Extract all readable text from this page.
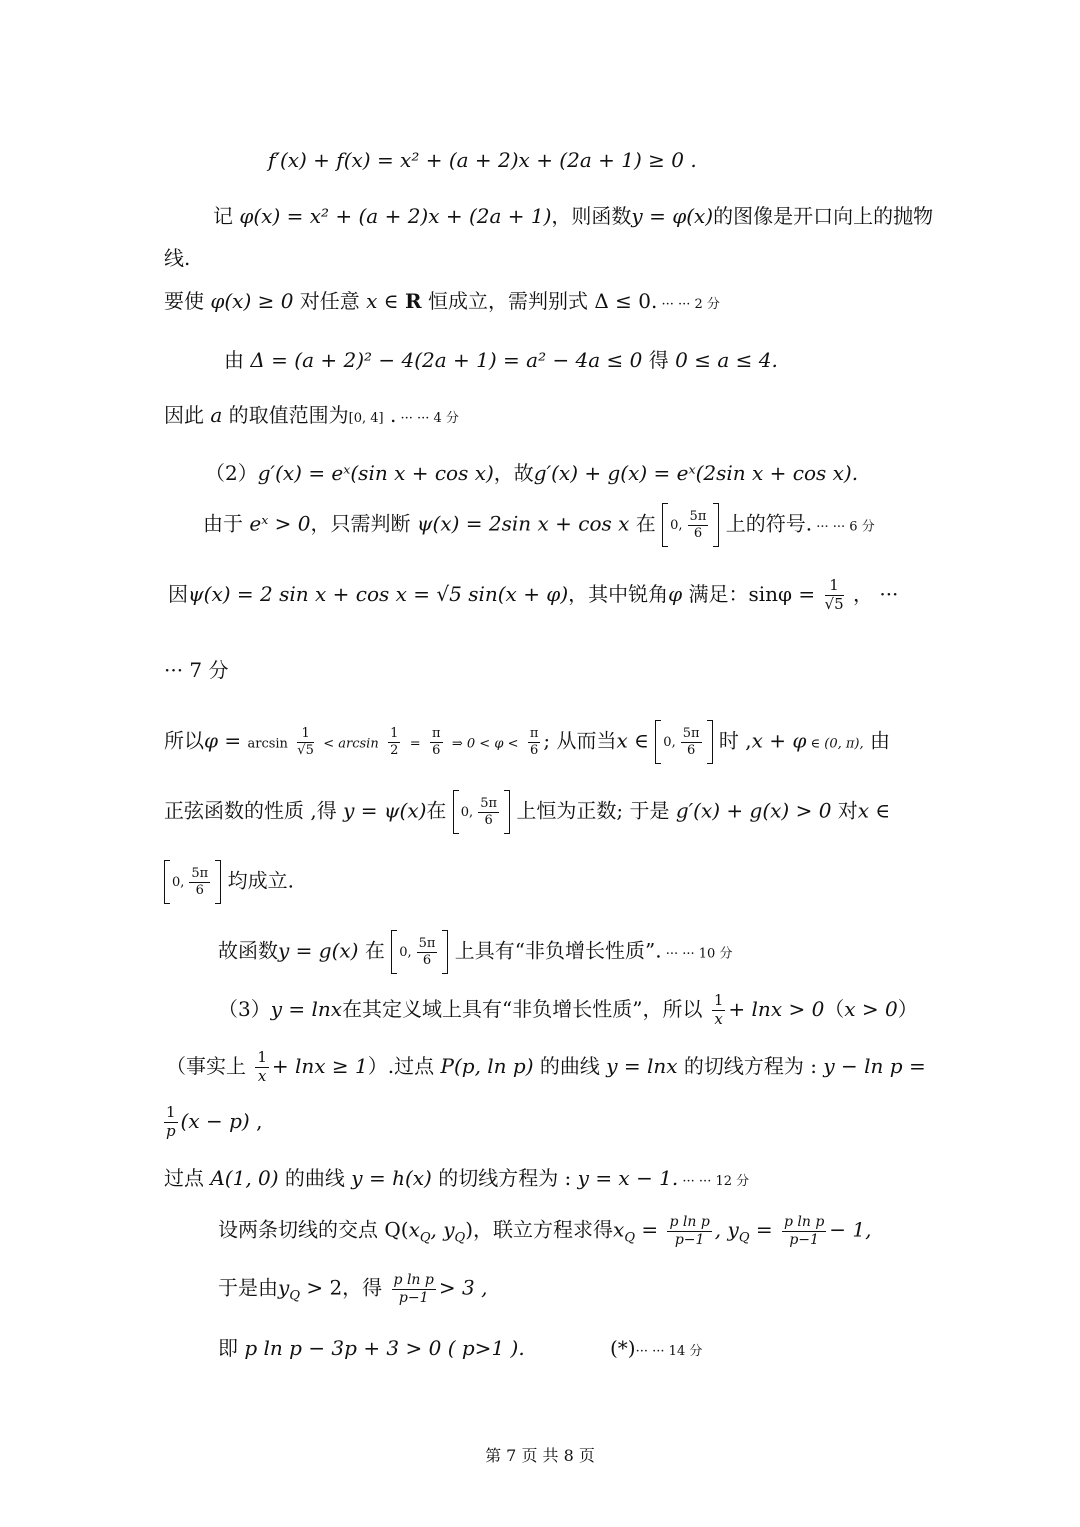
f′(x) + f(x) = x² + (a + 2)x + (2a + 1) ≥ 0 .
记 φ(x) = x² + (a + 2)x + (2a + 1)，则函数y = φ(x)的图像是开口向上的抛物
线.
要使 φ(x) ≥ 0 对任意 x ∈ R 恒成立，需判别式 Δ ≤ 0. ··· ··· 2 分
由 Δ = (a + 2)² − 4(2a + 1) = a² − 4a ≤ 0 得 0 ≤ a ≤ 4.
因此 a 的取值范围为[0, 4] . ··· ··· 4 分
（2）g′(x) = eˣ(sin x + cos x)，故g′(x) + g(x) = eˣ(2sin x + cos x).
由于 eˣ > 0，只需判断 ψ(x) = 2sin x + cos x 在 0, $\frac{5\pi}{6}$ 上的符号. ··· ··· 6 分
因ψ(x) = 2 sin x + cos x = √5 sin(x + φ)，其中锐角φ 满足：$\sin\varphi = \frac{1}{√5}$ ， ···
··· 7 分
所以$\varphi = \arcsin \frac{1}{√5} < \arcsin \frac{1}{2} = \frac{\pi}{6}$ ⇒ $0 < \varphi < \frac{\pi}{6}$ ; 从而当x ∈ 0, $\frac{5\pi}{6}$ 时 ,x + φ ∈ (0, π), 由
正弦函数的性质 ,得 y = ψ(x)在 0, $\frac{5\pi}{6}$ 上恒为正数; 于是 g′(x) + g(x) > 0 对x ∈
0, $\frac{5\pi}{6}$ 均成立.
故函数y = g(x) 在 0, $\frac{5\pi}{6}$ 上具有“非负增长性质”. ··· ··· 10 分
（3）y = lnx在其定义域上具有“非负增长性质”，所以 $\frac{1}{x} + \ln x > 0(x > 0)$
（事实上 $\frac{1}{x} + \ln x \ge 1$）.过点 P(p, ln p) 的曲线 y = lnx 的切线方程为 : y − ln p =
$\frac{1}{p} (x - p)$ ,
过点 A(1, 0) 的曲线 y = h(x) 的切线方程为 : y = x − 1. ··· ··· 12 分
设两条切线的交点 $Q(x_Q$, $y_Q$)，联立方程求得$x_Q = \frac{\text{p ln p}}{p-1}$ , $y_Q = \frac{\text{p ln p}}{p-1} - 1$,
于是由$y_Q > 2$，得 $\frac{\text{p ln p}}{p-1} > 3$ ,
即 p ln p − 3p + 3 > 0 ( p>1 ).	(*)··· ··· 14 分
第 7 页 共 8 页
